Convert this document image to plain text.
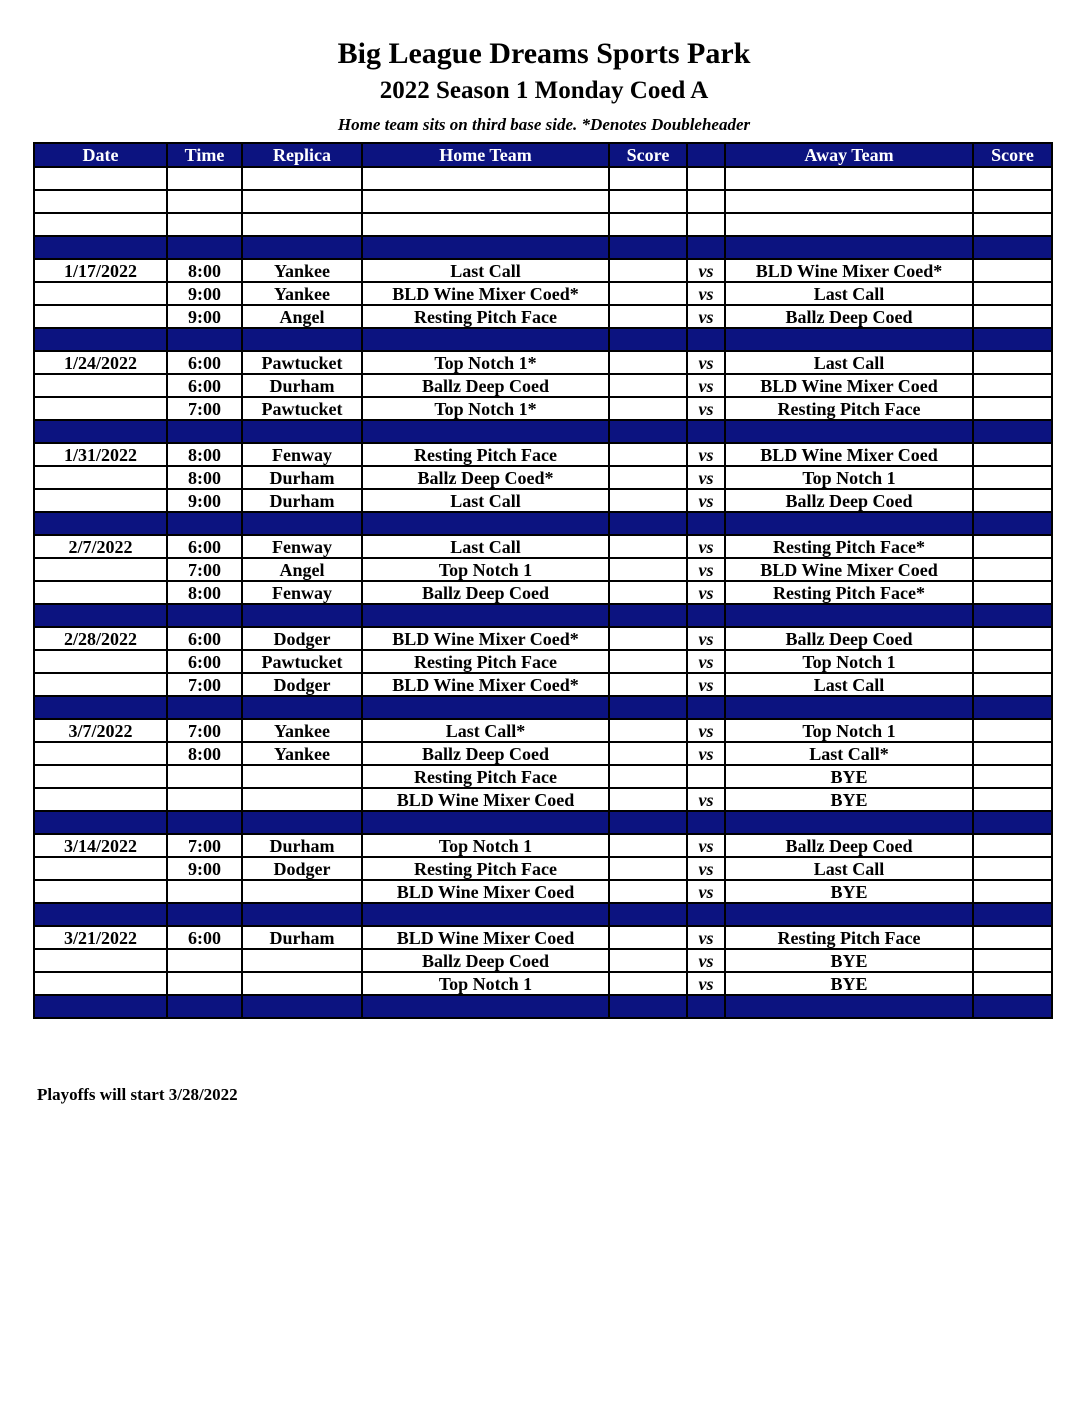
Big League Dreams Sports Park
2022 Season 1 Monday Coed A
Home team sits on third base side. *Denotes Doubleheader
Date	Time	Replica	Home Team	Score		Away Team	Score

1/17/2022	8:00	Yankee	Last Call		vs	BLD Wine Mixer Coed*	
	9:00	Yankee	BLD Wine Mixer Coed*		vs	Last Call	
	9:00	Angel	Resting Pitch Face		vs	Ballz Deep Coed	

1/24/2022	6:00	Pawtucket	Top Notch 1*		vs	Last Call	
	6:00	Durham	Ballz Deep Coed		vs	BLD Wine Mixer Coed	
	7:00	Pawtucket	Top Notch 1*		vs	Resting Pitch Face	

1/31/2022	8:00	Fenway	Resting Pitch Face		vs	BLD Wine Mixer Coed	
	8:00	Durham	Ballz Deep Coed*		vs	Top Notch 1	
	9:00	Durham	Last Call		vs	Ballz Deep Coed	

2/7/2022	6:00	Fenway	Last Call		vs	Resting Pitch Face*	
	7:00	Angel	Top Notch 1		vs	BLD Wine Mixer Coed	
	8:00	Fenway	Ballz Deep Coed		vs	Resting Pitch Face*	

2/28/2022	6:00	Dodger	BLD Wine Mixer Coed*		vs	Ballz Deep Coed	
	6:00	Pawtucket	Resting Pitch Face		vs	Top Notch 1	
	7:00	Dodger	BLD Wine Mixer Coed*		vs	Last Call	

3/7/2022	7:00	Yankee	Last Call*		vs	Top Notch 1	
	8:00	Yankee	Ballz Deep Coed		vs	Last Call*	
			Resting Pitch Face			BYE	
			BLD Wine Mixer Coed		vs	BYE	

3/14/2022	7:00	Durham	Top Notch 1		vs	Ballz Deep Coed	
	9:00	Dodger	Resting Pitch Face		vs	Last Call	
			BLD Wine Mixer Coed		vs	BYE	

3/21/2022	6:00	Durham	BLD Wine Mixer Coed		vs	Resting Pitch Face	
			Ballz Deep Coed		vs	BYE	
			Top Notch 1		vs	BYE	

Playoffs will start 3/28/2022
